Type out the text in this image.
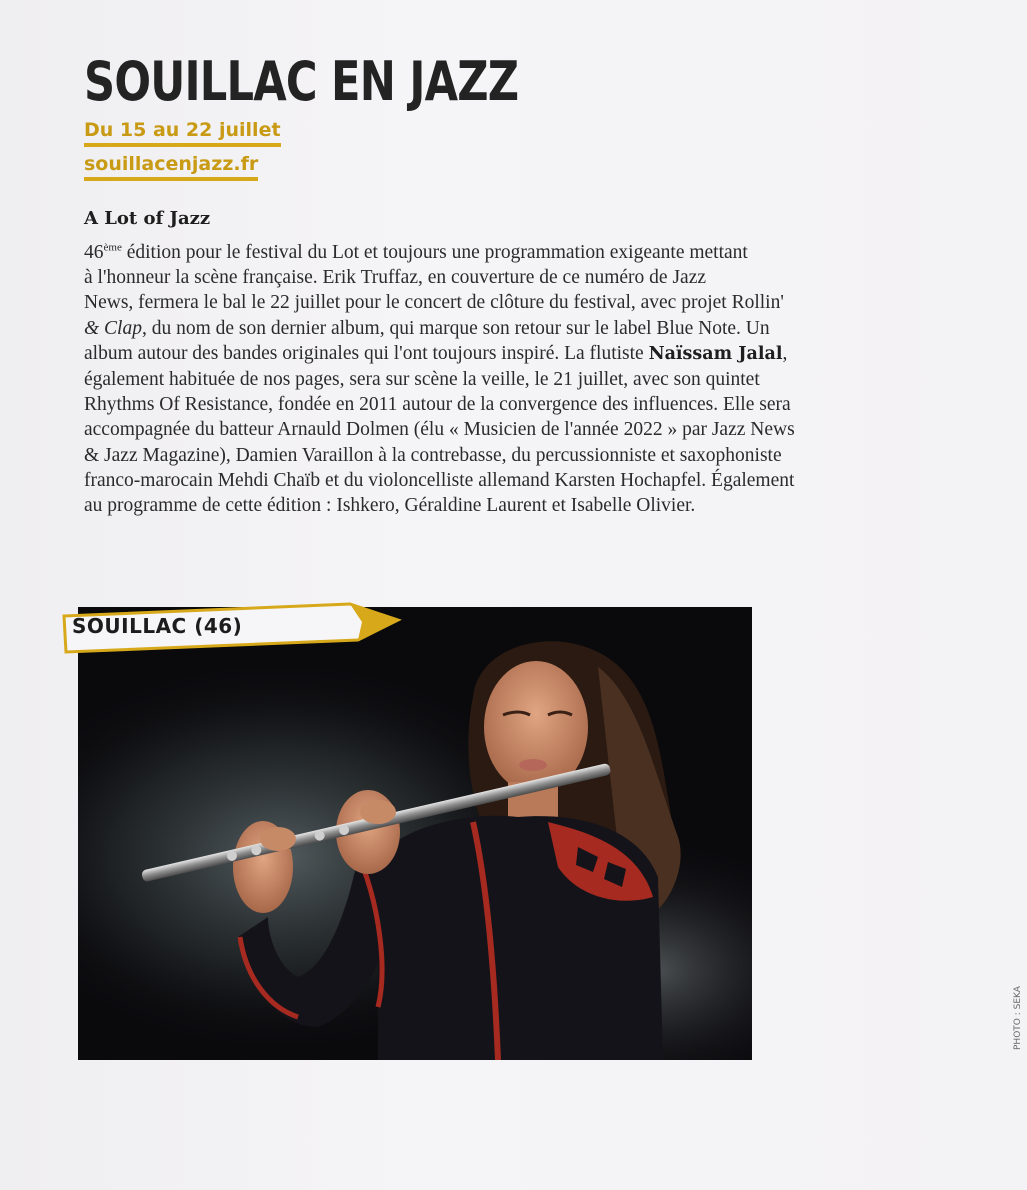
SOUILLAC EN JAZZ
Du 15 au 22 juillet
souillacenjazz.fr
A Lot of Jazz
46ème édition pour le festival du Lot et toujours une programmation exigeante mettant
à l'honneur la scène française. Erik Truffaz, en couverture de ce numéro de Jazz
News, fermera le bal le 22 juillet pour le concert de clôture du festival, avec projet Rollin'
& Clap, du nom de son dernier album, qui marque son retour sur le label Blue Note. Un
album autour des bandes originales qui l'ont toujours inspiré. La flutiste Naïssam Jalal,
également habituée de nos pages, sera sur scène la veille, le 21 juillet, avec son quintet
Rhythms Of Resistance, fondée en 2011 autour de la convergence des influences. Elle sera
accompagnée du batteur Arnauld Dolmen (élu « Musicien de l'année 2022 » par Jazz News
& Jazz Magazine), Damien Varaillon à la contrebasse, du percussionniste et saxophoniste
franco-marocain Mehdi Chaïb et du violoncelliste allemand Karsten Hochapfel. Également
au programme de cette édition : Ishkero, Géraldine Laurent et Isabelle Olivier.
SOUILLAC (46)
PHOTO : SEKA
